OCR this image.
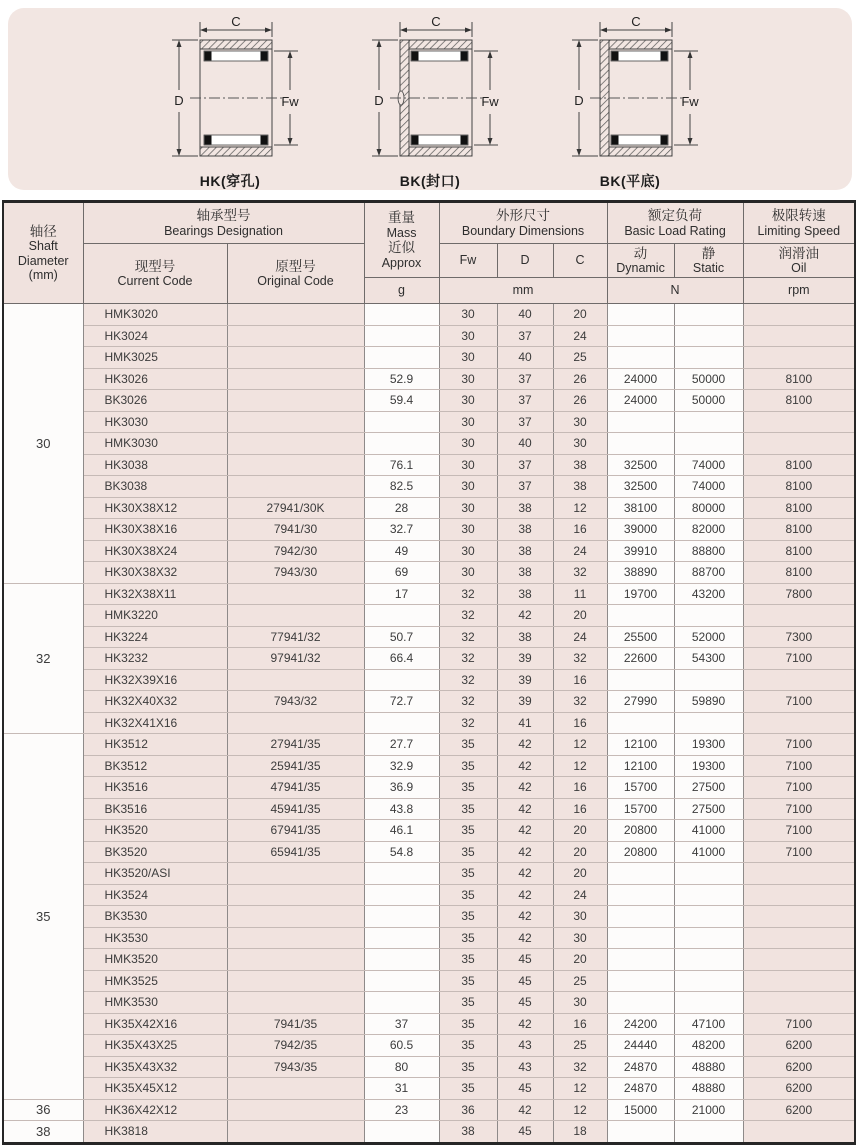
C
D	Fw
HK(穿孔)
C
D	Fw
BK(封口)
C
D	Fw
BK(平底)
轴径
Shaft
Diameter
(mm)	轴承型号
Bearings Designation		重量
Mass
近似
Approx	外形尺寸
Boundary Dimensions			额定负荷
Basic Load Rating		极限转速
Limiting Speed

	现型号
Current Code	原型号
Original Code		Fw	D	C	动
Dynamic	静
Static	润滑油
Oil

			g	mm			N		rpm

30	HMK3020			30	40	20			
	HK3024			30	37	24			
	HMK3025			30	40	25			
	HK3026		52.9	30	37	26	24000	50000	8100
	BK3026		59.4	30	37	26	24000	50000	8100
	HK3030			30	37	30			
	HMK3030			30	40	30			
	HK3038		76.1	30	37	38	32500	74000	8100
	BK3038		82.5	30	37	38	32500	74000	8100
	HK30X38X12	27941/30K	28	30	38	12	38100	80000	8100
	HK30X38X16	7941/30	32.7	30	38	16	39000	82000	8100
	HK30X38X24	7942/30	49	30	38	24	39910	88800	8100
	HK30X38X32	7943/30	69	30	38	32	38890	88700	8100
32	HK32X38X11		17	32	38	11	19700	43200	7800
	HMK3220			32	42	20			
	HK3224	77941/32	50.7	32	38	24	25500	52000	7300
	HK3232	97941/32	66.4	32	39	32	22600	54300	7100
	HK32X39X16			32	39	16			
	HK32X40X32	7943/32	72.7	32	39	32	27990	59890	7100
	HK32X41X16			32	41	16			
35	HK3512	27941/35	27.7	35	42	12	12100	19300	7100
	BK3512	25941/35	32.9	35	42	12	12100	19300	7100
	HK3516	47941/35	36.9	35	42	16	15700	27500	7100
	BK3516	45941/35	43.8	35	42	16	15700	27500	7100
	HK3520	67941/35	46.1	35	42	20	20800	41000	7100
	BK3520	65941/35	54.8	35	42	20	20800	41000	7100
	HK3520/ASI			35	42	20			
	HK3524			35	42	24			
	BK3530			35	42	30			
	HK3530			35	42	30			
	HMK3520			35	45	20			
	HMK3525			35	45	25			
	HMK3530			35	45	30			
	HK35X42X16	7941/35	37	35	42	16	24200	47100	7100
	HK35X43X25	7942/35	60.5	35	43	25	24440	48200	6200
	HK35X43X32	7943/35	80	35	43	32	24870	48880	6200
	HK35X45X12		31	35	45	12	24870	48880	6200
36	HK36X42X12		23	36	42	12	15000	21000	6200
38	HK3818			38	45	18			
